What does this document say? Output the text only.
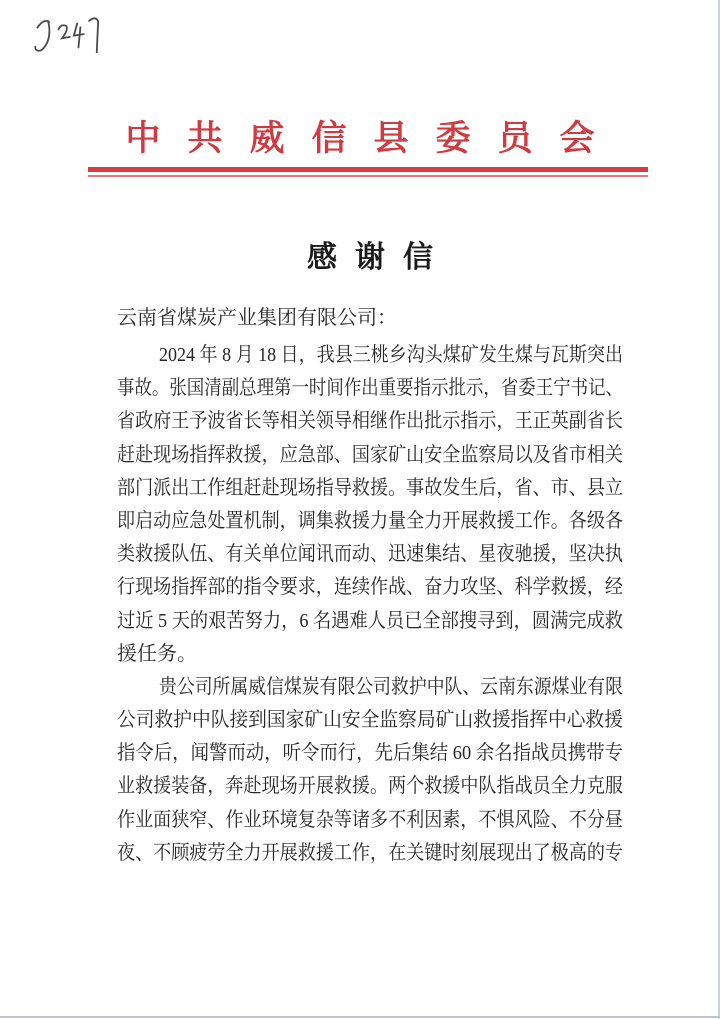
中共威信县委员会
感谢信
云南省煤炭产业集团有限公司：
2024 年 8 月 18 日，我县三桃乡沟头煤矿发生煤与瓦斯突出
事故。张国清副总理第一时间作出重要指示批示，省委王宁书记、
省政府王予波省长等相关领导相继作出批示指示，王正英副省长
赶赴现场指挥救援，应急部、国家矿山安全监察局以及省市相关
部门派出工作组赶赴现场指导救援。事故发生后，省、市、县立
即启动应急处置机制，调集救援力量全力开展救援工作。各级各
类救援队伍、有关单位闻讯而动、迅速集结、星夜驰援，坚决执
行现场指挥部的指令要求，连续作战、奋力攻坚、科学救援，经
过近 5 天的艰苦努力，6 名遇难人员已全部搜寻到，圆满完成救
援任务。
贵公司所属威信煤炭有限公司救护中队、云南东源煤业有限
公司救护中队接到国家矿山安全监察局矿山救援指挥中心救援
指令后，闻警而动，听令而行，先后集结 60 余名指战员携带专
业救援装备，奔赴现场开展救援。两个救援中队指战员全力克服
作业面狭窄、作业环境复杂等诸多不利因素，不惧风险、不分昼
夜、不顾疲劳全力开展救援工作，在关键时刻展现出了极高的专
